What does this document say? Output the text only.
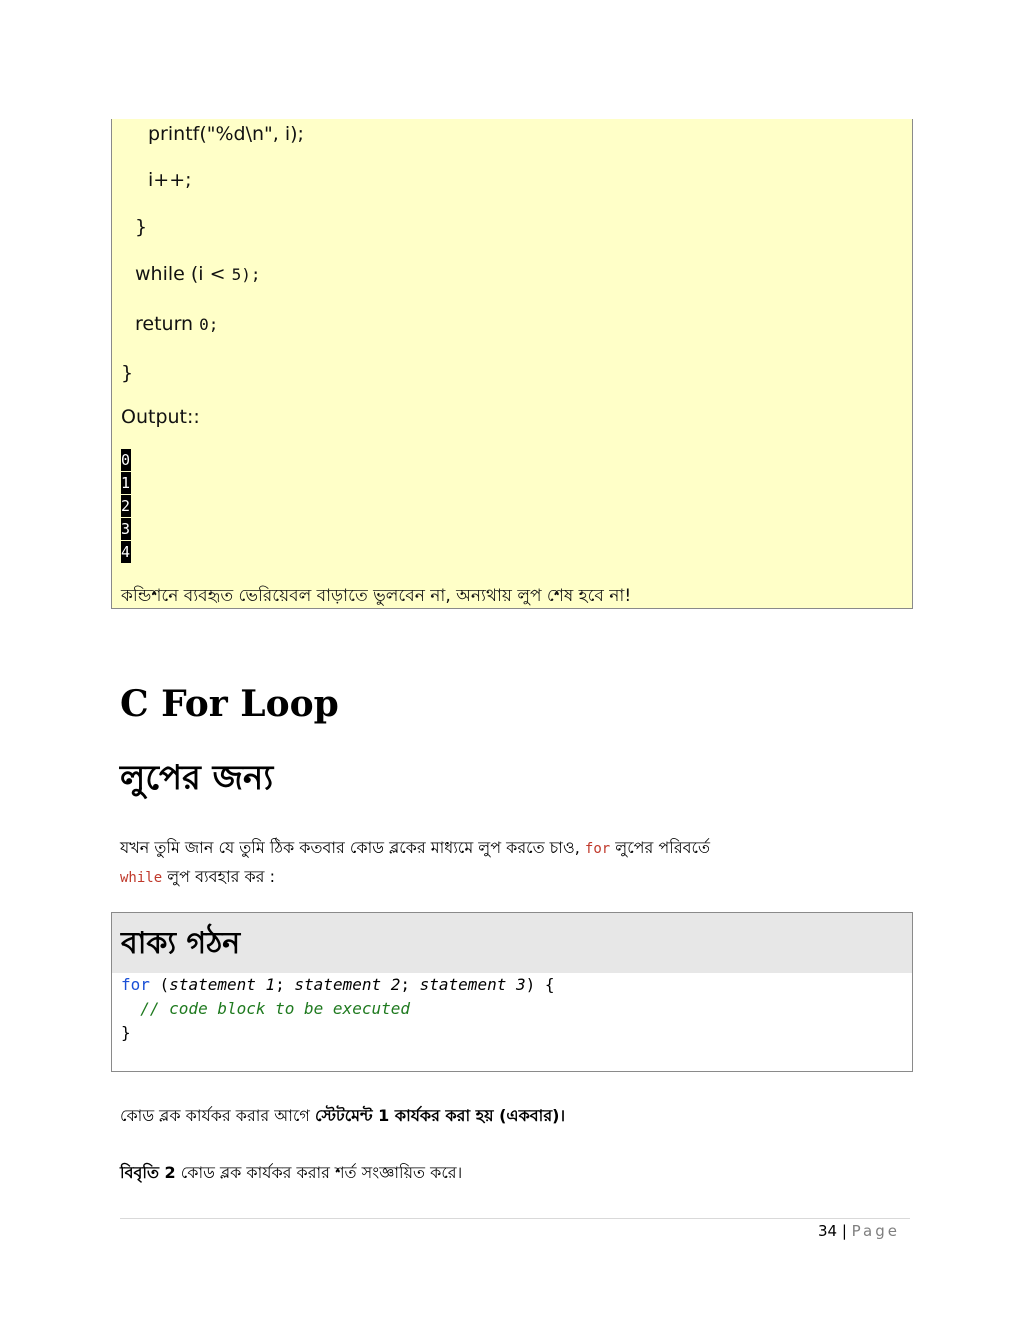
printf("%d\n", i);
i++;
}
while (i < 5);
return 0;
}
Output::
0
1
2
3
4
কন্ডিশনে ব্যবহৃত ভেরিয়েবল বাড়াতে ভুলবেন না, অন্যথায় লুপ শেষ হবে না!
C For Loop
লুপের জন্য
যখন তুমি জান যে তুমি ঠিক কতবার কোড ব্লকের মাধ্যমে লুপ করতে চাও, for লুপের পরিবর্তে
while লুপ ব্যবহার কর :
বাক্য গঠন
for (statement 1; statement 2; statement 3) {
// code block to be executed
}
কোড ব্লক কার্যকর করার আগে স্টেটমেন্ট 1 কার্যকর করা হয় (একবার)।
বিবৃতি 2 কোড ব্লক কার্যকর করার শর্ত সংজ্ঞায়িত করে।
34 | Page
